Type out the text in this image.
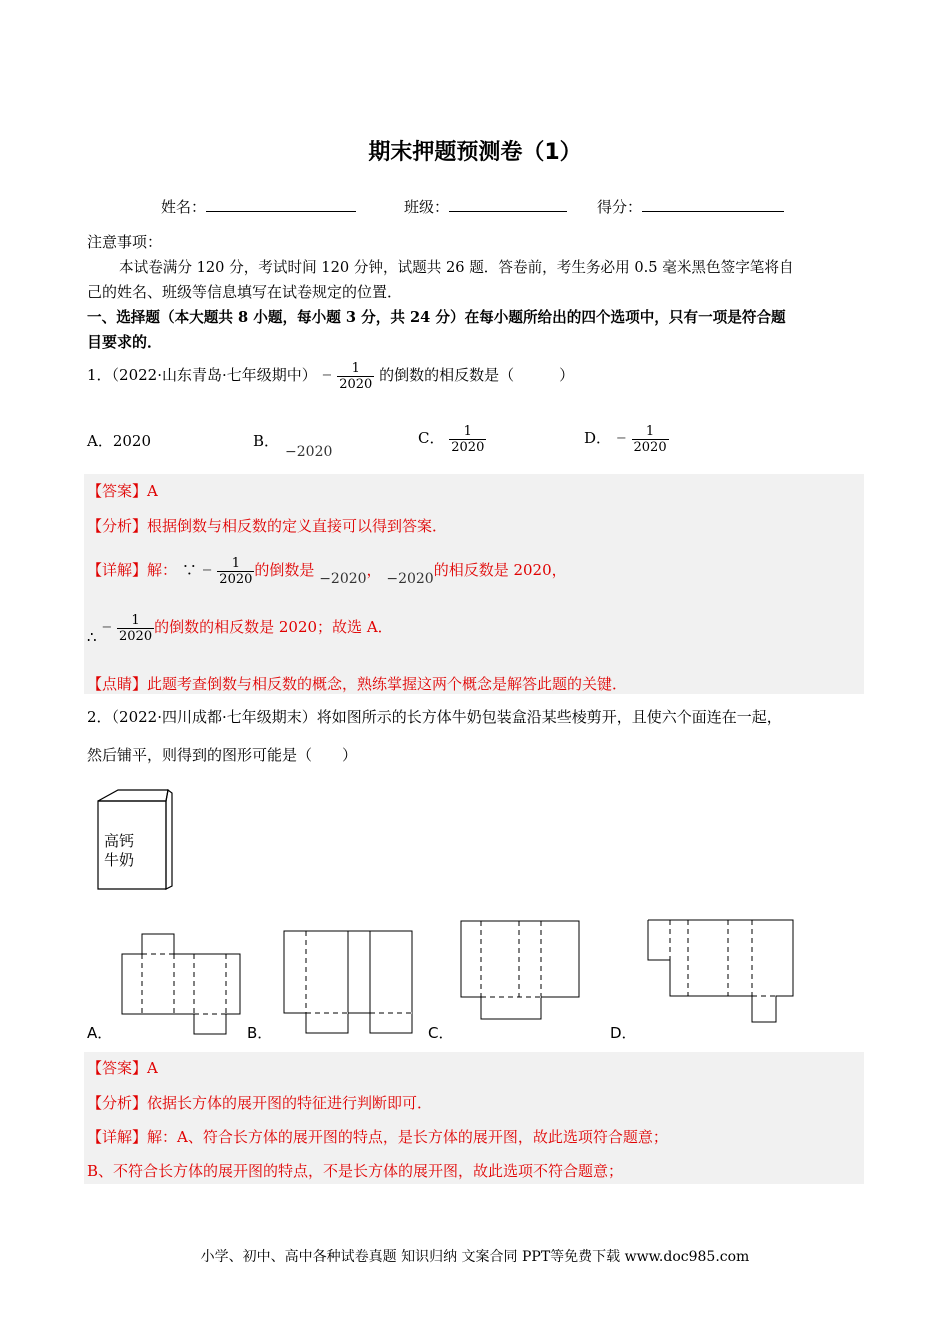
期末押题预测卷（1）
姓名：	班级：	得分：
注意事项：
本试卷满分 120 分，考试时间 120 分钟，试题共 26 题．答卷前，考生务必用 0.5 毫米黑色签字笔将自
己的姓名、班级等信息填写在试卷规定的位置．
一、选择题（本大题共 8 小题，每小题 3 分，共 24 分）在每小题所给出的四个选项中，只有一项是符合题
目要求的．
1．（2022·山东青岛·七年级期中） − $\frac{1}{2020}$ 的倒数的相反数是（　　　）
A．2020	B．−2020
C． $\frac{1}{2020}$	D． − $\frac{1}{2020}$
【答案】A
【分析】根据倒数与相反数的定义直接可以得到答案．
【详解】解： ∵ − $\frac{1}{2020}$ 的倒数是 −2020， −2020的相反数是 2020，
∴ − $\frac{1}{2020}$ 的倒数的相反数是 2020；故选 A．
【点睛】此题考查倒数与相反数的概念，熟练掌握这两个概念是解答此题的关键．
2．（2022·四川成都·七年级期末）将如图所示的长方体牛奶包装盒沿某些棱剪开，且使六个面连在一起，
然后铺平，则得到的图形可能是（　　）
高钙
牛奶
A．	B．	C．	D．
【答案】A
【分析】依据长方体的展开图的特征进行判断即可．
【详解】解：A、符合长方体的展开图的特点，是长方体的展开图，故此选项符合题意；
B、不符合长方体的展开图的特点，不是长方体的展开图，故此选项不符合题意；
小学、初中、高中各种试卷真题 知识归纳 文案合同 PPT等免费下载 www.doc985.com
